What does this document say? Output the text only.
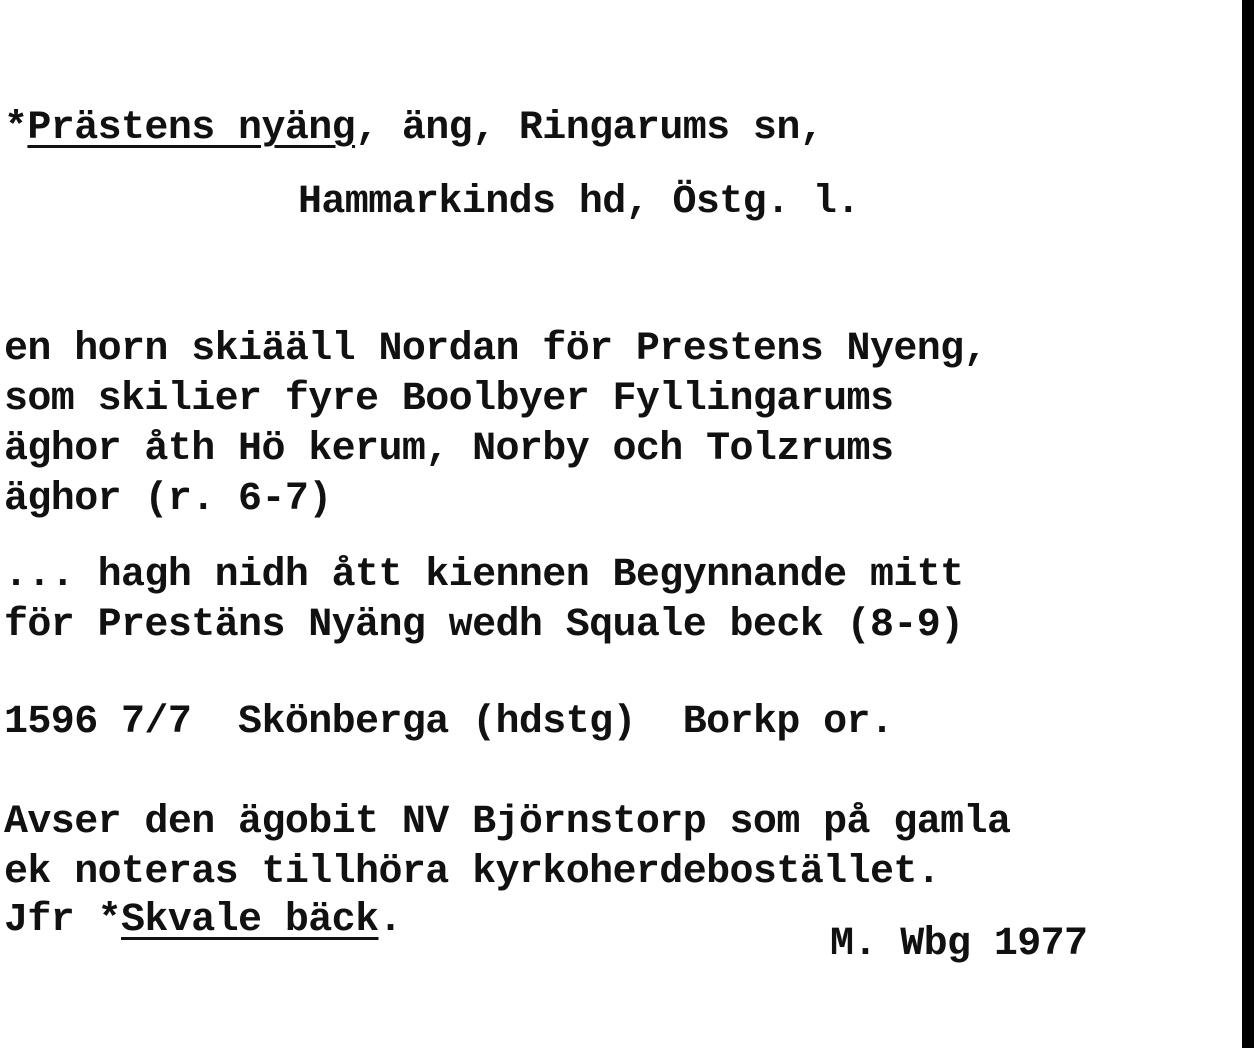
*Prästens nyäng, äng, Ringarums sn,
Hammarkinds hd, Östg. l.
en horn skiääll Nordan för Prestens Nyeng,
som skilier fyre Boolbyer Fyllingarums
äghor åth Hö kerum, Norby och Tolzrums
äghor (r. 6-7)
... hagh nidh ått kiennen Begynnande mitt
för Prestäns Nyäng wedh Squale beck (8-9)
1596 7/7  Skönberga (hdstg)  Borkp or.
Avser den ägobit NV Björnstorp som på gamla
ek noteras tillhöra kyrkoherdebostället.
Jfr *Skvale bäck.
M. Wbg 1977
